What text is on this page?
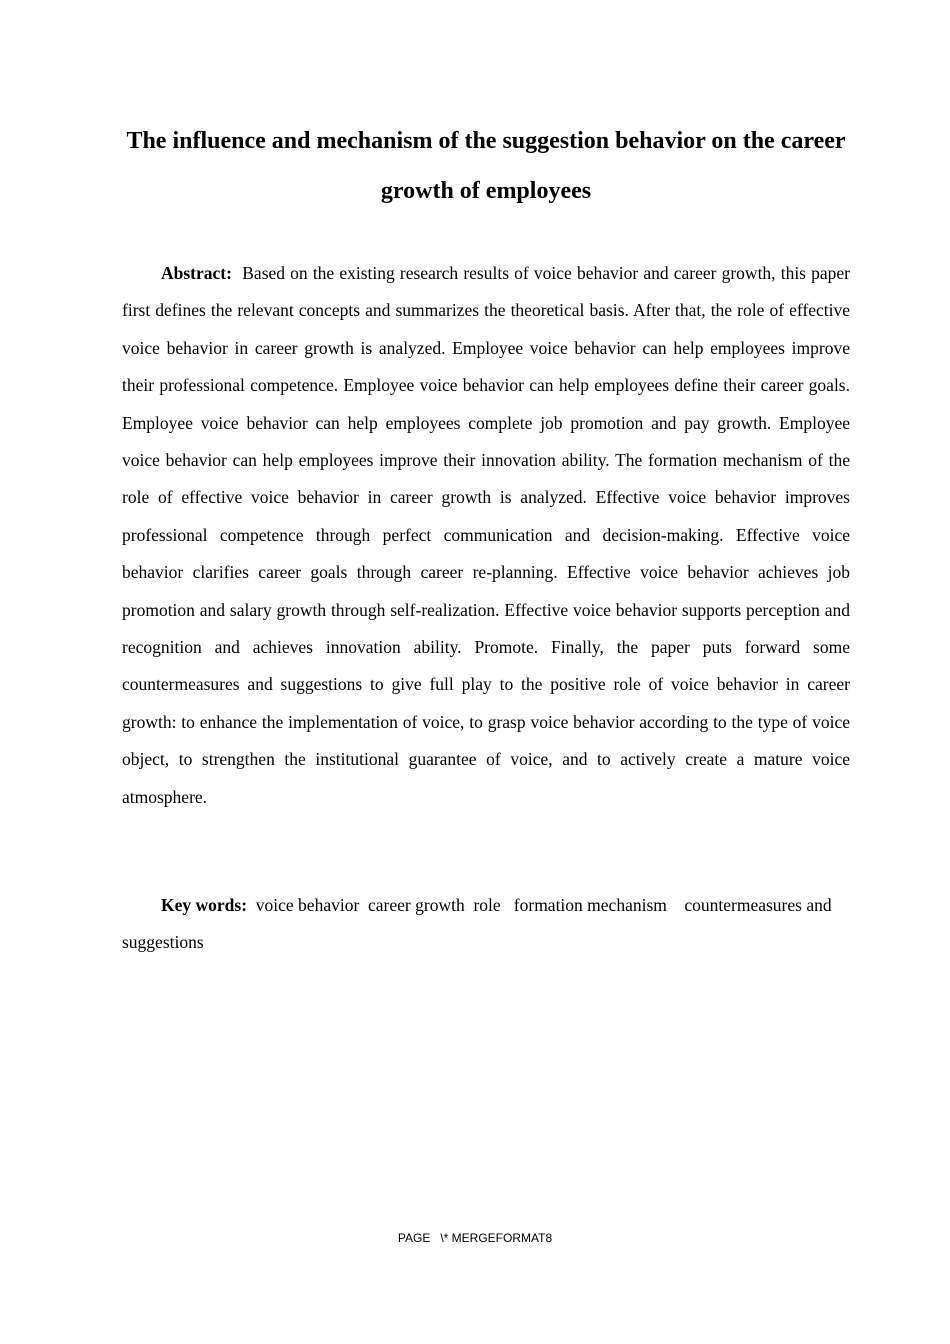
The influence and mechanism of the suggestion behavior on the career growth of employees

Abstract: Based on the existing research results of voice behavior and career growth, this paper first defines the relevant concepts and summarizes the theoretical basis. After that, the role of effective voice behavior in career growth is analyzed. Employee voice behavior can help employees improve their professional competence. Employee voice behavior can help employees define their career goals. Employee voice behavior can help employees complete job promotion and pay growth. Employee voice behavior can help employees improve their innovation ability. The formation mechanism of the role of effective voice behavior in career growth is analyzed. Effective voice behavior improves professional competence through perfect communication and decision-making. Effective voice behavior clarifies career goals through career re-planning. Effective voice behavior achieves job promotion and salary growth through self-realization. Effective voice behavior supports perception and recognition and achieves innovation ability. Promote. Finally, the paper puts forward some countermeasures and suggestions to give full play to the positive role of voice behavior in career growth: to enhance the implementation of voice, to grasp voice behavior according to the type of voice object, to strengthen the institutional guarantee of voice, and to actively create a mature voice atmosphere.

Key words: voice behavior  career growth  role   formation mechanism    countermeasures and suggestions

PAGE   \* MERGEFORMAT8
